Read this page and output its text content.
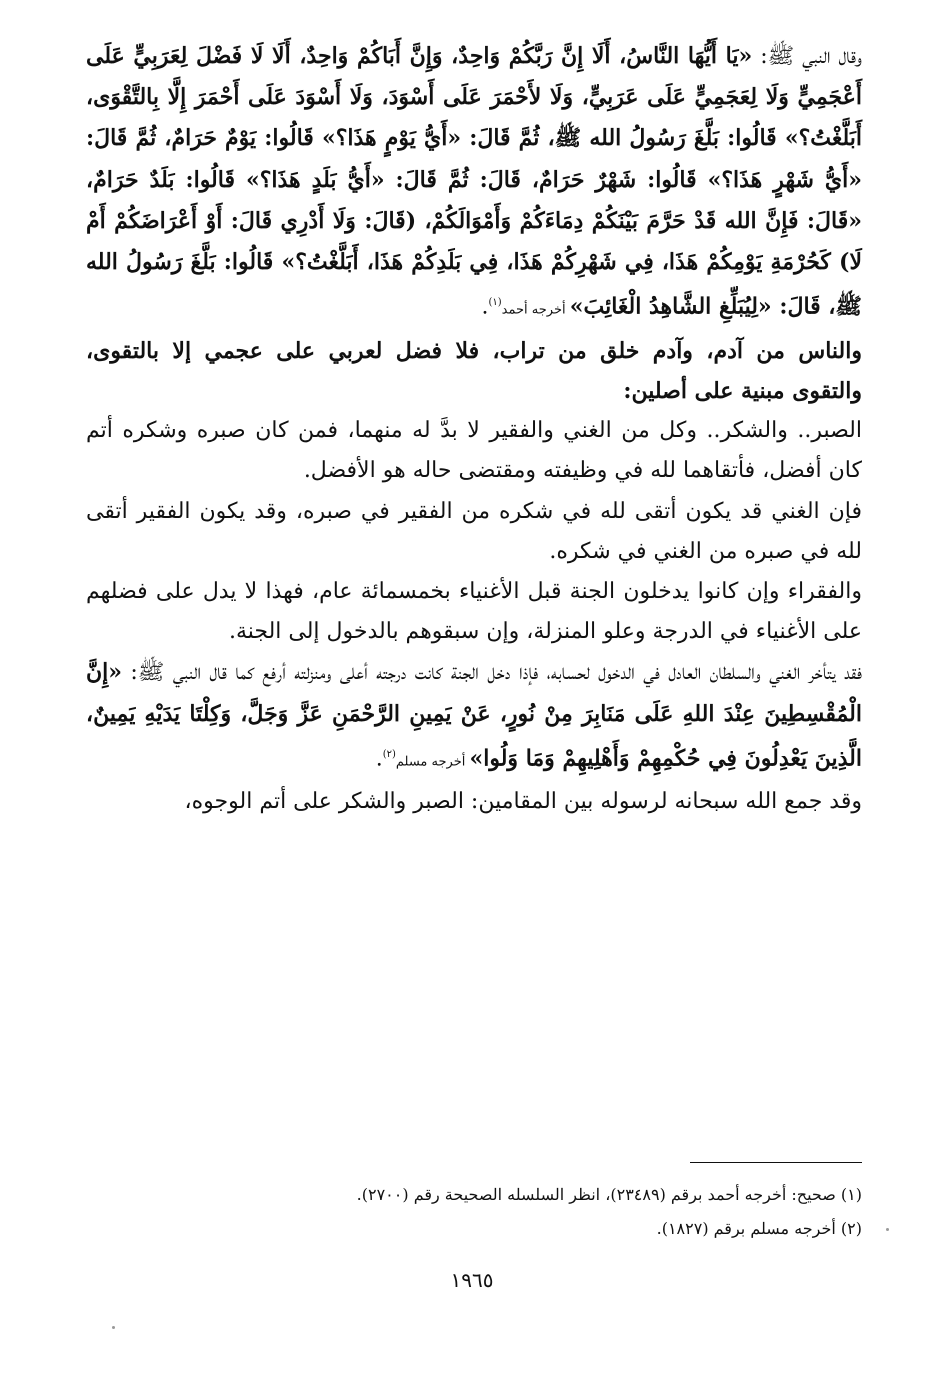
وقال النبي ﷺ: «يَا أَيُّهَا النَّاسُ، أَلَا إِنَّ رَبَّكُمْ وَاحِدٌ، وَإِنَّ أَبَاكُمْ وَاحِدٌ، أَلَا لَا فَضْلَ لِعَرَبِيٍّ عَلَى أَعْجَمِيٍّ وَلَا لِعَجَمِيٍّ عَلَى عَرَبِيٍّ، وَلَا لأَحْمَرَ عَلَى أَسْوَدَ، وَلَا أَسْوَدَ عَلَى أَحْمَرَ إِلَّا بِالتَّقْوَى، أَبَلَّغْتُ؟» قَالُوا: بَلَّغَ رَسُولُ الله ﷺ، ثُمَّ قَالَ: «أَيُّ يَوْمٍ هَذَا؟» قَالُوا: يَوْمٌ حَرَامٌ، ثُمَّ قَالَ: «أَيُّ شَهْرٍ هَذَا؟» قَالُوا: شَهْرٌ حَرَامٌ، قَالَ: ثُمَّ قَالَ: «أَيُّ بَلَدٍ هَذَا؟» قَالُوا: بَلَدٌ حَرَامٌ، «قَالَ: فَإِنَّ الله قَدْ حَرَّمَ بَيْنَكُمْ دِمَاءَكُمْ وَأَمْوَالَكُمْ، (قَالَ: وَلَا أَدْرِي قَالَ: أَوْ أَعْرَاضَكُمْ أَمْ لَا) كَحُرْمَةِ يَوْمِكُمْ هَذَا، فِي شَهْرِكُمْ هَذَا، فِي بَلَدِكُمْ هَذَا، أَبَلَّغْتُ؟» قَالُوا: بَلَّغَ رَسُولُ الله ﷺ، قَالَ: «لِيُبَلِّغِ الشَّاهِدُ الْغَائِبَ» أخرجه أحمد$^{(١)}$.

والناس من آدم، وآدم خلق من تراب، فلا فضل لعربي على عجمي إلا بالتقوى، والتقوى مبنية على أصلين:

الصبر.. والشكر.. وكل من الغني والفقير لا بدَّ له منهما، فمن كان صبره وشكره أتم كان أفضل، فأتقاهما لله في وظيفته ومقتضى حاله هو الأفضل.

فإن الغني قد يكون أتقى لله في شكره من الفقير في صبره، وقد يكون الفقير أتقى لله في صبره من الغني في شكره.

والفقراء وإن كانوا يدخلون الجنة قبل الأغنياء بخمسمائة عام، فهذا لا يدل على فضلهم على الأغنياء في الدرجة وعلو المنزلة، وإن سبقوهم بالدخول إلى الجنة.

فقد يتأخر الغني والسلطان العادل في الدخول لحسابه، فإذا دخل الجنة كانت درجته أعلى ومنزلته أرفع كما قال النبي ﷺ: «إِنَّ الْمُقْسِطِينَ عِنْدَ اللهِ عَلَى مَنَابِرَ مِنْ نُورٍ، عَنْ يَمِينِ الرَّحْمَنِ عَزَّ وَجَلَّ، وَكِلْتَا يَدَيْهِ يَمِينٌ، الَّذِينَ يَعْدِلُونَ فِي حُكْمِهِمْ وَأَهْلِيهِمْ وَمَا وَلُوا» أخرجه مسلم$^{(٢)}$.

وقد جمع الله سبحانه لرسوله بين المقامين: الصبر والشكر على أتم الوجوه،

(١) صحيح: أخرجه أحمد برقم (٢٣٤٨٩)، انظر السلسله الصحيحة رقم (٢٧٠٠).

(٢) أخرجه مسلم برقم (١٨٢٧).

١٩٦٥
